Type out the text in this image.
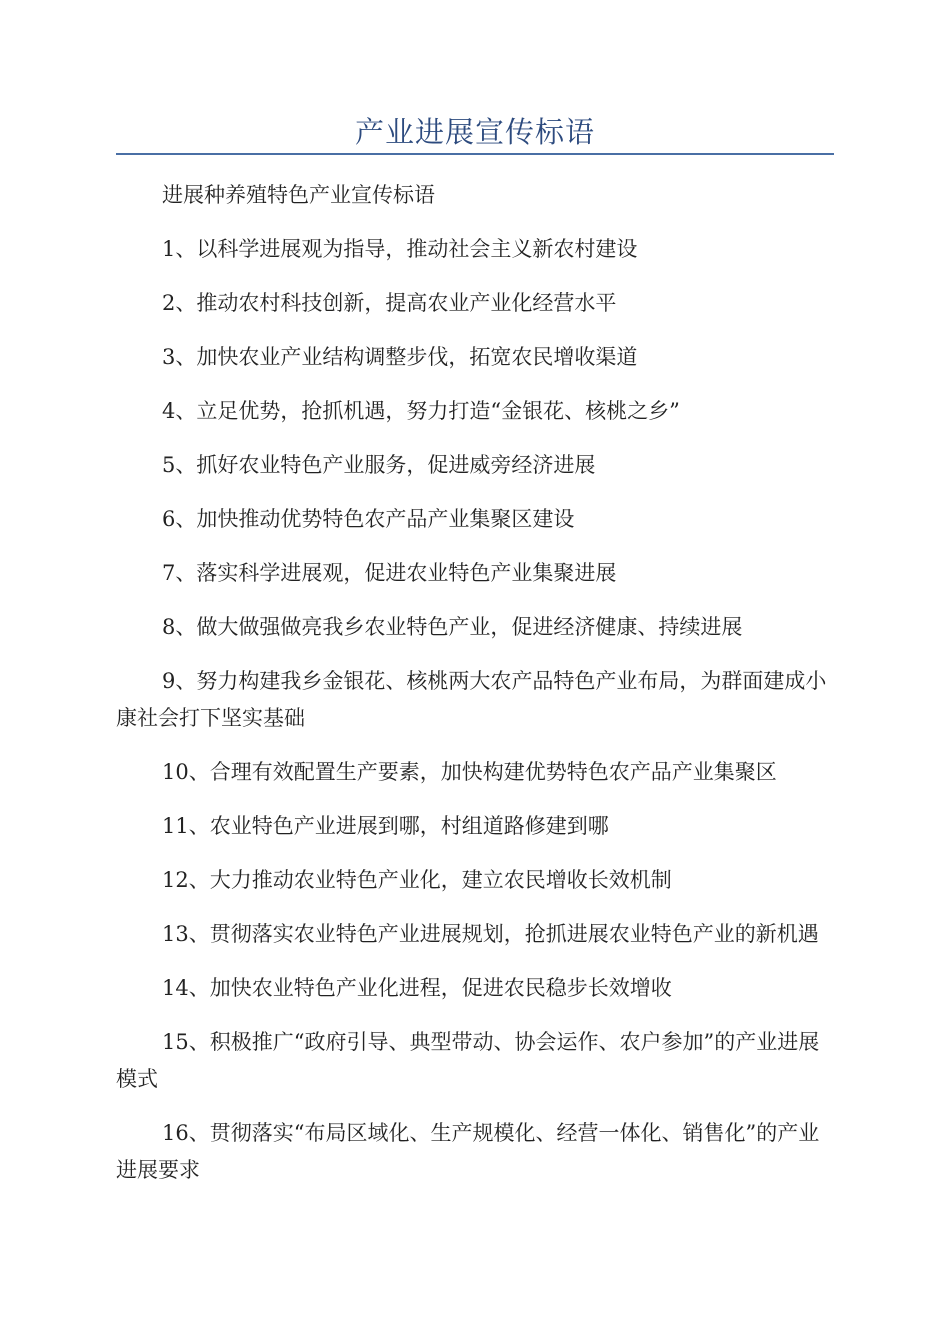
产业进展宣传标语

进展种养殖特色产业宣传标语

1、以科学进展观为指导，推动社会主义新农村建设

2、推动农村科技创新，提高农业产业化经营水平

3、加快农业产业结构调整步伐，拓宽农民增收渠道

4、立足优势，抢抓机遇，努力打造“金银花、核桃之乡”

5、抓好农业特色产业服务，促进威旁经济进展

6、加快推动优势特色农产品产业集聚区建设

7、落实科学进展观，促进农业特色产业集聚进展

8、做大做强做亮我乡农业特色产业，促进经济健康、持续进展

9、努力构建我乡金银花、核桃两大农产品特色产业布局，为群面建成小康社会打下坚实基础

10、合理有效配置生产要素，加快构建优势特色农产品产业集聚区

11、农业特色产业进展到哪，村组道路修建到哪

12、大力推动农业特色产业化，建立农民增收长效机制

13、贯彻落实农业特色产业进展规划，抢抓进展农业特色产业的新机遇

14、加快农业特色产业化进程，促进农民稳步长效增收

15、积极推广“政府引导、典型带动、协会运作、农户参加”的产业进展模式

16、贯彻落实“布局区域化、生产规模化、经营一体化、销售化”的产业进展要求
